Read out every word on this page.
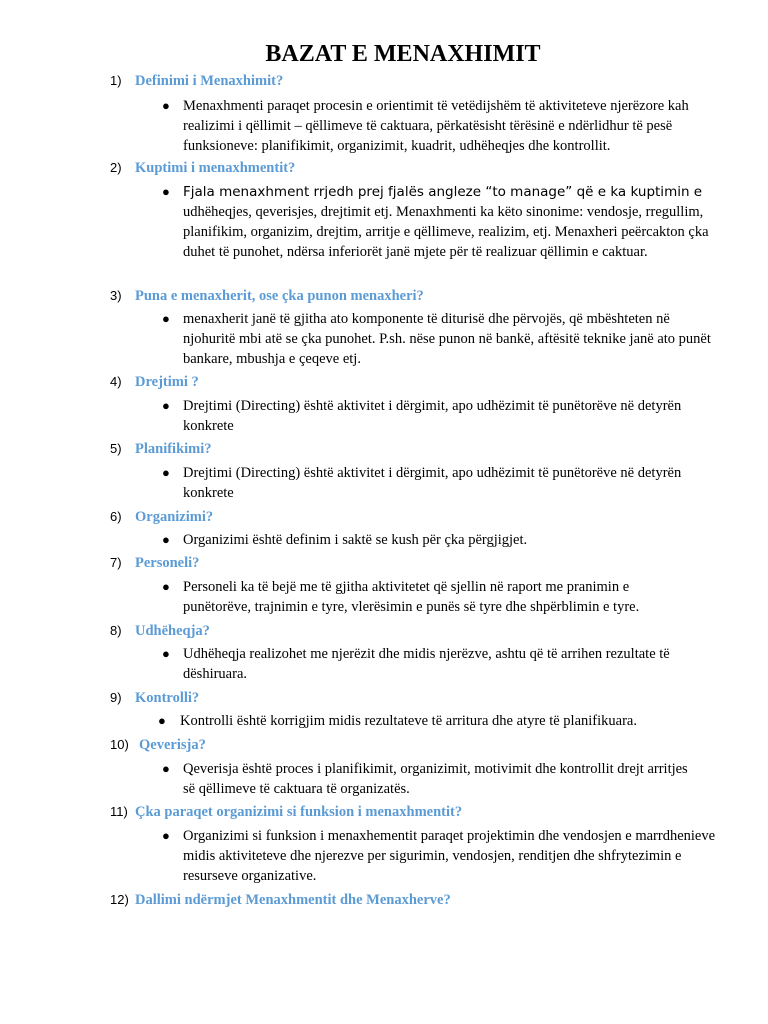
BAZAT E MENAXHIMIT
1) Definimi i Menaxhimit?
● Menaxhmenti paraqet procesin e orientimit të vetëdijshëm të aktiviteteve njerëzore kah realizimi i qëllimit – qëllimeve të caktuara, përkatësisht tërësinë e ndërlidhur të pesë funksioneve: planifikimit, organizimit, kuadrit, udhëheqjes dhe kontrollit.

2) Kuptimi i menaxhmentit?
● Fjala menaxhment rrjedh prej fjalës angleze “to manage” që e ka kuptimin e

udhëheqjes, qeverisjes, drejtimit etj. Menaxhmenti ka këto sinonime: vendosje, rregullim, planifikim, organizim, drejtim, arritje e qëllimeve, realizim, etj. Menaxheri peërcakton çka duhet të punohet, ndërsa inferiorët janë mjete për të realizuar qëllimin e caktuar.

3) Puna e menaxherit, ose çka punon menaxheri?
● menaxherit janë të gjitha ato komponente të diturisë dhe përvojës, që mbështeten në njohuritë mbi atë se çka punohet. P.sh. nëse punon në bankë, aftësitë teknike janë ato punët bankare, mbushja e çeqeve etj.

4) Drejtimi ?
● Drejtimi (Directing) është aktivitet i dërgimit, apo udhëzimit të punëtorëve në detyrën konkrete

5) Planifikimi?
● Drejtimi (Directing) është aktivitet i dërgimit, apo udhëzimit të punëtorëve në detyrën konkrete

6) Organizimi?
● Organizimi është definim i saktë se kush për çka përgjigjet.

7) Personeli?
● Personeli ka të bejë me të gjitha aktivitetet që sjellin në raport me pranimin e punëtorëve, trajnimin e tyre, vlerësimin e punës së tyre dhe shpërblimin e tyre.

8) Udhëheqja?
● Udhëheqja realizohet me njerëzit dhe midis njerëzve, ashtu që të arrihen rezultate të dëshiruara.

9) Kontrolli?
● Kontrolli është korrigjim midis rezultateve të arritura dhe atyre të planifikuara.

10) Qeverisja?
● Qeverisja është proces i planifikimit, organizimit, motivimit dhe kontrollit drejt arritjes së qëllimeve të caktuara të organizatës.

11) Çka paraqet organizimi si funksion i menaxhmentit?
● Organizimi si funksion i menaxhementit paraqet projektimin dhe vendosjen e marrdhenieve midis aktiviteteve dhe njerezve per sigurimin, vendosjen, renditjen dhe shfrytezimin e resurseve organizative.

12) Dallimi ndërmjet Menaxhmentit dhe Menaxherve?
